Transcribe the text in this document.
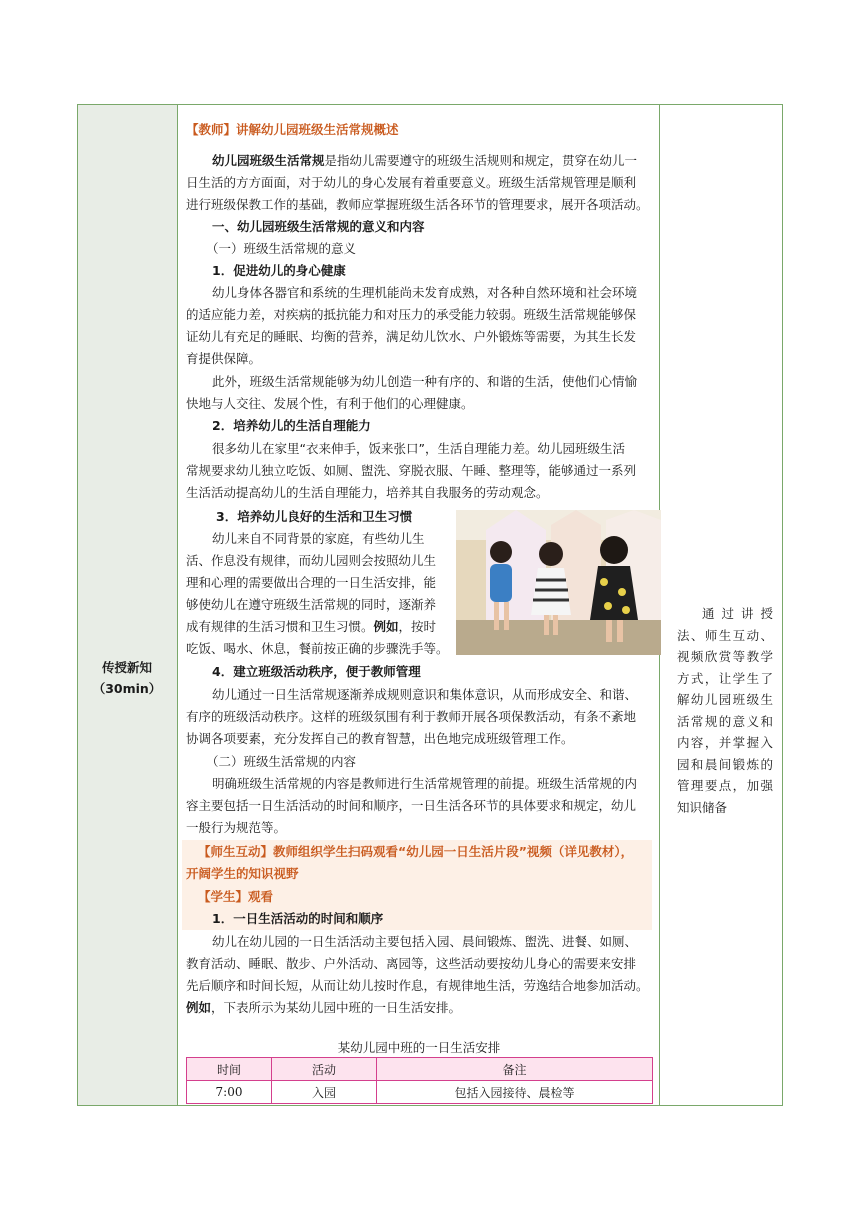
传授新知
（30min）
通过讲授法、师生互动、视频欣赏等教学方式，让学生了解幼儿园班级生活常规的意义和内容，并掌握入园和晨间锻炼的管理要点，加强知识储备
【教师】讲解幼儿园班级生活常规概述
幼儿园班级生活常规是指幼儿需要遵守的班级生活规则和规定，贯穿在幼儿一
日生活的方方面面，对于幼儿的身心发展有着重要意义。班级生活常规管理是顺利
进行班级保教工作的基础，教师应掌握班级生活各环节的管理要求，展开各项活动。
一、幼儿园班级生活常规的意义和内容
（一）班级生活常规的意义
1．促进幼儿的身心健康
幼儿身体各器官和系统的生理机能尚未发育成熟，对各种自然环境和社会环境
的适应能力差，对疾病的抵抗能力和对压力的承受能力较弱。班级生活常规能够保
证幼儿有充足的睡眠、均衡的营养，满足幼儿饮水、户外锻炼等需要，为其生长发
育提供保障。
此外，班级生活常规能够为幼儿创造一种有序的、和谐的生活，使他们心情愉
快地与人交往、发展个性，有利于他们的心理健康。
2．培养幼儿的生活自理能力
很多幼儿在家里“衣来伸手，饭来张口”，生活自理能力差。幼儿园班级生活
常规要求幼儿独立吃饭、如厕、盥洗、穿脱衣服、午睡、整理等，能够通过一系列
生活活动提高幼儿的生活自理能力，培养其自我服务的劳动观念。
3．培养幼儿良好的生活和卫生习惯
幼儿来自不同背景的家庭，有些幼儿生
活、作息没有规律，而幼儿园则会按照幼儿生
理和心理的需要做出合理的一日生活安排，能
够使幼儿在遵守班级生活常规的同时，逐渐养
成有规律的生活习惯和卫生习惯。例如，按时
吃饭、喝水、休息，餐前按正确的步骤洗手等。
4．建立班级活动秩序，便于教师管理
幼儿通过一日生活常规逐渐养成规则意识和集体意识，从而形成安全、和谐、
有序的班级活动秩序。这样的班级氛围有利于教师开展各项保教活动，有条不紊地
协调各项要素，充分发挥自己的教育智慧，出色地完成班级管理工作。
（二）班级生活常规的内容
明确班级生活常规的内容是教师进行生活常规管理的前提。班级生活常规的内
容主要包括一日生活活动的时间和顺序，一日生活各环节的具体要求和规定，幼儿
一般行为规范等。
【师生互动】教师组织学生扫码观看“幼儿园一日生活片段”视频（详见教材），
开阔学生的知识视野
【学生】观看
1．一日生活活动的时间和顺序
幼儿在幼儿园的一日生活活动主要包括入园、晨间锻炼、盥洗、进餐、如厕、
教育活动、睡眠、散步、户外活动、离园等，这些活动要按幼儿身心的需要来安排
先后顺序和时间长短，从而让幼儿按时作息，有规律地生活，劳逸结合地参加活动。
例如，下表所示为某幼儿园中班的一日生活安排。
某幼儿园中班的一日生活安排
时间	活动	备注
7:00	入园	包括入园接待、晨检等
